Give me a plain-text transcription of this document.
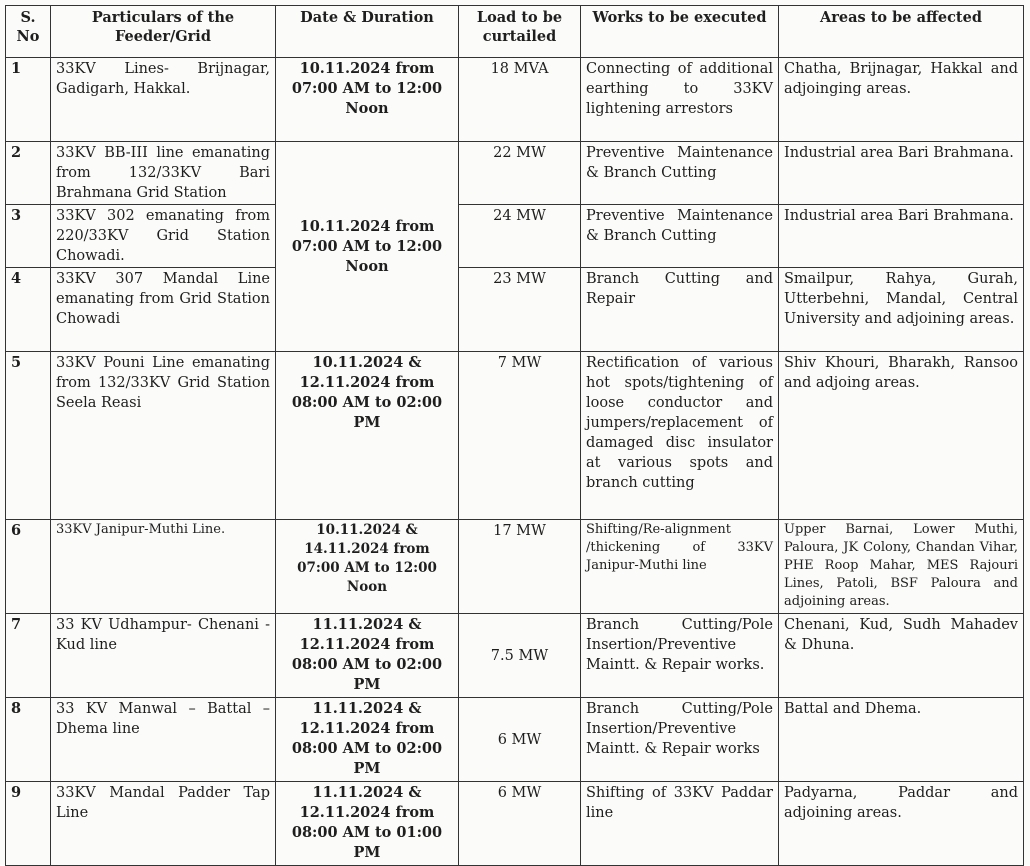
S. No	Particulars of the Feeder/Grid	Date & Duration	Load to be curtailed	Works to be executed	Areas to be affected
1	33KV Lines- Brijnagar, Gadigarh, Hakkal.	10.11.2024 from 07:00 AM to 12:00 Noon	18 MVA	Connecting of additional earthing to 33KV lightening arrestors	Chatha, Brijnagar, Hakkal and adjoinging areas.
2	33KV BB-III line emanating from 132/33KV Bari Brahmana Grid Station	10.11.2024 from 07:00 AM to 12:00 Noon	22 MW	Preventive Maintenance & Branch Cutting	Industrial area Bari Brahmana.
3	33KV 302 emanating from 220/33KV Grid Station Chowadi.		24 MW	Preventive Maintenance & Branch Cutting	Industrial area Bari Brahmana.
4	33KV 307 Mandal Line emanating from Grid Station Chowadi		23 MW	Branch Cutting and Repair	Smailpur, Rahya, Gurah, Utterbehni, Mandal, Central University and adjoining areas.
5	33KV Pouni Line emanating from 132/33KV Grid Station Seela Reasi	10.11.2024 & 12.11.2024 from 08:00 AM to 02:00 PM	7 MW	Rectification of various hot spots/tightening of loose conductor and jumpers/replacement of damaged disc insulator at various spots and branch cutting	Shiv Khouri, Bharakh, Ransoo and adjoing areas.
6	33KV Janipur-Muthi Line.	10.11.2024 & 14.11.2024 from 07:00 AM to 12:00 Noon	17 MW	Shifting/Re-alignment /thickening of 33KV Janipur-Muthi line	Upper Barnai, Lower Muthi, Paloura, JK Colony, Chandan Vihar, PHE Roop Mahar, MES Rajouri Lines, Patoli, BSF Paloura and adjoining areas.
7	33 KV Udhampur- Chenani - Kud line	11.11.2024 & 12.11.2024 from 08:00 AM to 02:00 PM	7.5 MW	Branch Cutting/Pole Insertion/Preventive Maintt. & Repair works.	Chenani, Kud, Sudh Mahadev & Dhuna.
8	33 KV Manwal – Battal – Dhema line	11.11.2024 & 12.11.2024 from 08:00 AM to 02:00 PM	6 MW	Branch Cutting/Pole Insertion/Preventive Maintt. & Repair works	Battal and Dhema.
9	33KV Mandal Padder Tap Line	11.11.2024 & 12.11.2024 from 08:00 AM to 01:00 PM	6 MW	Shifting of 33KV Paddar line	Padyarna, Paddar and adjoining areas.
